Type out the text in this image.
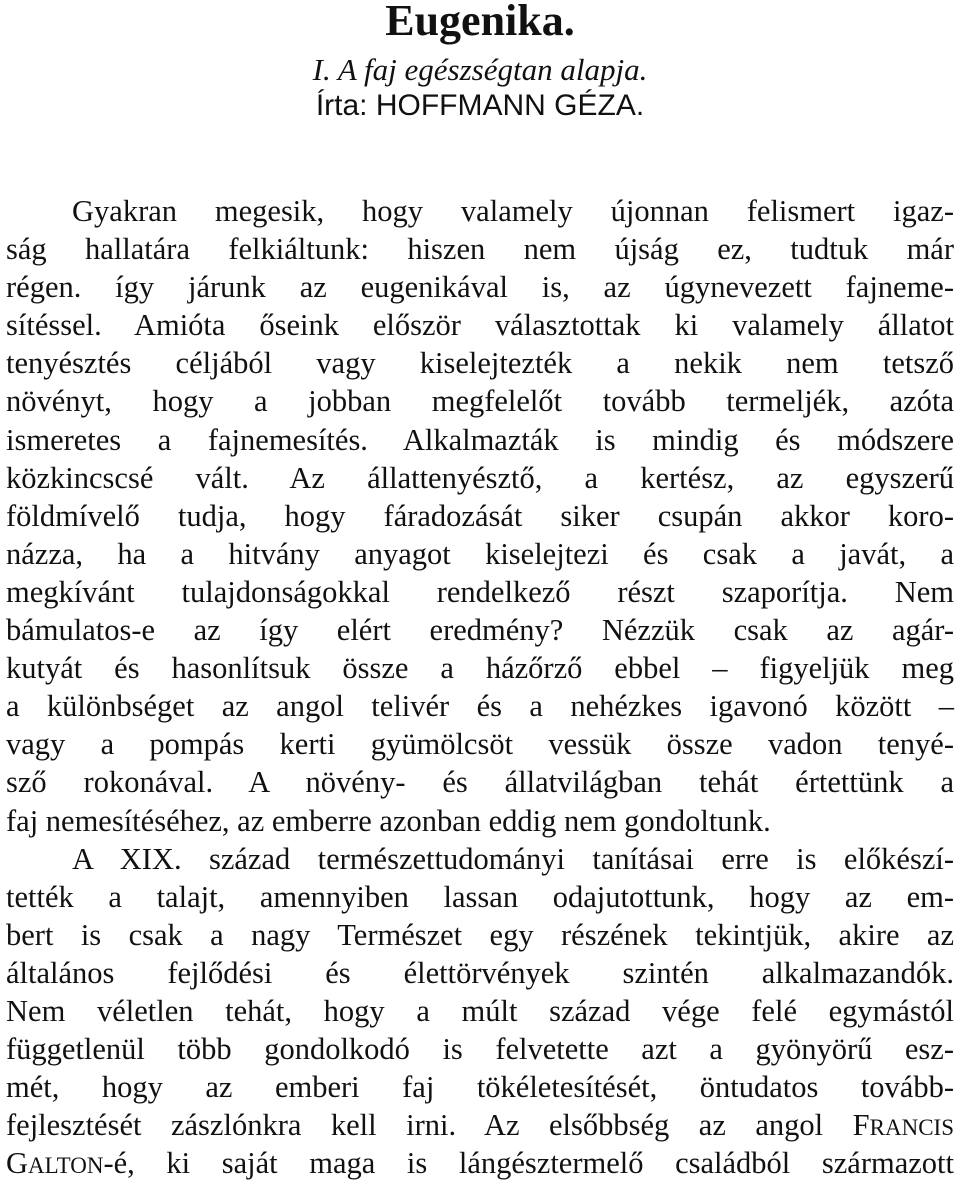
Eugenika.
I. A faj egészségtan alapja.
Írta: HOFFMANN GÉZA.
Gyakran megesik, hogy valamely újonnan felismert igaz-
ság hallatára felkiáltunk: hiszen nem újság ez, tudtuk már
régen. így járunk az eugenikával is, az úgynevezett fajneme-
sítéssel. Amióta őseink először választottak ki valamely állatot
tenyésztés céljából vagy kiselejtezték a nekik nem tetsző
növényt, hogy a jobban megfelelőt tovább termeljék, azóta
ismeretes a fajnemesítés. Alkalmazták is mindig és módszere
közkincscsé vált. Az állattenyésztő, a kertész, az egyszerű
földmívelő tudja, hogy fáradozását siker csupán akkor koro-
názza, ha a hitvány anyagot kiselejtezi és csak a javát, a
megkívánt tulajdonságokkal rendelkező részt szaporítja. Nem
bámulatos-e az így elért eredmény? Nézzük csak az agár-
kutyát és hasonlítsuk össze a házőrző ebbel – figyeljük meg
a különbséget az angol telivér és a nehézkes igavonó között –
vagy a pompás kerti gyümölcsöt vessük össze vadon tenyé-
sző rokonával. A növény- és állatvilágban tehát értettünk a
faj nemesítéséhez, az emberre azonban eddig nem gondoltunk.
A XIX. század természettudományi tanításai erre is előkészí-
tették a talajt, amennyiben lassan odajutottunk, hogy az em-
bert is csak a nagy Természet egy részének tekintjük, akire az
általános fejlődési és élettörvények szintén alkalmazandók.
Nem véletlen tehát, hogy a múlt század vége felé egymástól
függetlenül több gondolkodó is felvetette azt a gyönyörű esz-
mét, hogy az emberi faj tökéletesítését, öntudatos tovább-
fejlesztését zászlónkra kell irni. Az elsőbbség az angol FRANCIS
GALTON-é, ki saját maga is lángésztermelő családból származott
